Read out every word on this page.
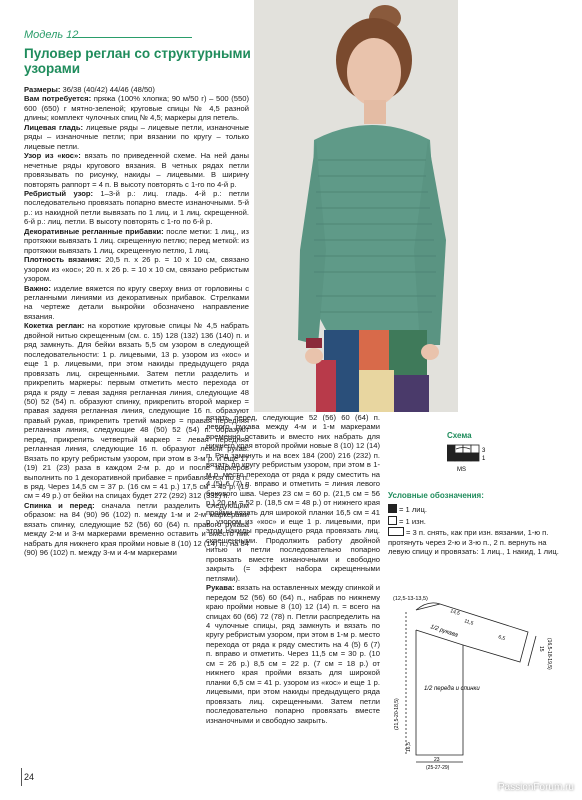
Модель 12
Пуловер реглан со структурными узорами

Размеры: 36/38 (40/42) 44/46 (48/50)

Вам потребуется: пряжа (100% хлопка; 90 м/50 г) – 500 (550) 600 (650) г мятно-зеленой; круговые спицы № 4,5 разной длины; комплект чулочных спиц № 4,5; маркеры для петель.

Лицевая гладь: лицевые ряды – лицевые петли, изнаночные ряды – изнаночные петли; при вязании по кругу – только лицевые петли.

Узор из «кос»: вязать по приведенной схеме. На ней даны нечетные ряды кругового вязания. В четных рядах петли провязывать по рисунку, накиды – лицевыми. В ширину повторять раппорт = 4 п. В высоту повторять с 1-го по 4-й р.

Ребристый узор: 1–3-й р.: лиц. гладь. 4-й р.: петли последовательно провязать попарно вместе изнаночными. 5-й р.: из накидной петли вывязать по 1 лиц. и 1 лиц. скрещенной. 6-й р.: лиц. петли. В высоту повторять с 1-го по 6-й р.

Декоративные регланные прибавки: после метки: 1 лиц., из протяжки вывязать 1 лиц. скрещенную петлю; перед меткой: из протяжки вывязать 1 лиц. скрещенную петлю, 1 лиц.

Плотность вязания: 20,5 п. х 26 р. = 10 х 10 см, связано узором из «кос»; 20 п. х 26 р. = 10 х 10 см, связано ребристым узором.

Важно: изделие вяжется по кругу сверху вниз от горловины с регланными линиями из декоративных прибавок. Стрелками на чертеже детали выкройки обозначено направление вязания.

Кокетка реглан: на короткие круговые спицы № 4,5 набрать двойной нитью скрещенным (см. с. 15) 128 (132) 136 (140) п. и ряд замкнуть. Для бейки вязать 5,5 см узором в следующей последовательности: 1 р. лицевыми, 13 р. узором из «кос» и еще 1 р. лицевыми, при этом накиды предыдущего ряда провязать лиц. скрещенными. Затем петли разделить и прикрепить маркеры: первым отметить место перехода от ряда к ряду = левая задняя регланная линия, следующие 48 (50) 52 (54) п. образуют спинку, прикрепить второй маркер = правая задняя регланная линия, следующие 16 п. образуют правый рукав, прикрепить третий маркер = правая передняя регланная линия, следующие 48 (50) 52 (54) п. образуют перед, прикрепить четвертый маркер = левая передняя регланная линия, следующие 16 п. образуют левый рукав. Вязать по кругу ребристым узором, при этом в 3-м р. и еще 17 (19) 21 (23) раза в каждом 2-м р. до и после маркеров выполнить по 1 декоративной прибавке = прибавляется по 8 п. в ряд. Через 14,5 см = 37 р. (16 см = 41 р.) 17,5 см = 45 р. (19 см = 49 р.) от бейки на спицах будет 272 (292) 312 (332) п.

Спинка и перед: сначала петли разделить следующим образом: на 84 (90) 96 (102) п. между 1-м и 2-м маркерами вязать спинку, следующие 52 (56) 60 (64) п. правого рукава между 2-м и 3-м маркерами временно оставить и вместо них набрать для нижнего края пройми новые 8 (10) 12 (14) п., на 84 (90) 96 (102) п. между 3-м и 4-м маркерами

вязать перед, следующие 52 (56) 60 (64) п. левого рукава между 4-м и 1-м маркерами временно оставить и вместо них набрать для нижнего края второй пройми новые 8 (10) 12 (14) п. Ряд замкнуть и на всех 184 (200) 216 (232) п. вязать по кругу ребристым узором, при этом в 1-м р. место перехода от ряда к ряду сместить на 4 (5) 6 (7) п. вправо и отметить = линия левого бокового шва. Через 23 см = 60 р. (21,5 см = 56 р.) 20 см = 52 р. (18,5 см = 48 р.) от нижнего края пройми вязать для широкой планки 16,5 см = 41 р. узором из «кос» и еще 1 р. лицевыми, при этом накиды предыдущего ряда провязать лиц. скрещенными. Продолжить работу двойной нитью и петли последовательно попарно провязать вместе изнаночными и свободно закрыть (= эффект набора скрещенными петлями).

Рукава: вязать на оставленных между спинкой и передом 52 (56) 60 (64) п., набрав по нижнему краю пройми новые 8 (10) 12 (14) п. = всего на спицах 60 (66) 72 (78) п. Петли распределить на 4 чулочные спицы, ряд замкнуть и вязать по кругу ребристым узором, при этом в 1-м р. место перехода от ряда к ряду сместить на 4 (5) 6 (7) п. вправо и отметить. Через 11,5 см = 30 р. (10 см = 26 р.) 8,5 см = 22 р. (7 см = 18 р.) от нижнего края пройми вязать для широкой планки 6,5 см = 41 р. узором из «кос» и еще 1 р. лицевыми, при этом накиды предыдущего ряда провязать лиц. скрещенными. Затем петли последовательно попарно провязать вместе изнаночными и свободно закрыть.

Схема
3
1
MS
Условные обозначения:

= 1 лиц.

= 1 изн.

= 3 п. снять, как при изн. вязании, 1-ю п. протянуть через 2-ю и 3-ю п., 2 п. вернуть на левую спицу и провязать: 1 лиц., 1 накид, 1 лиц.

(12,5-13-13,5)
1/2 рукава
11,5
6,5
14,5
15 (16,5-18-19,5)
1/2 переда и спинки
(21,5-20-18,5)
16,5
23
(25-27-29)
24
PassionForum.ru
